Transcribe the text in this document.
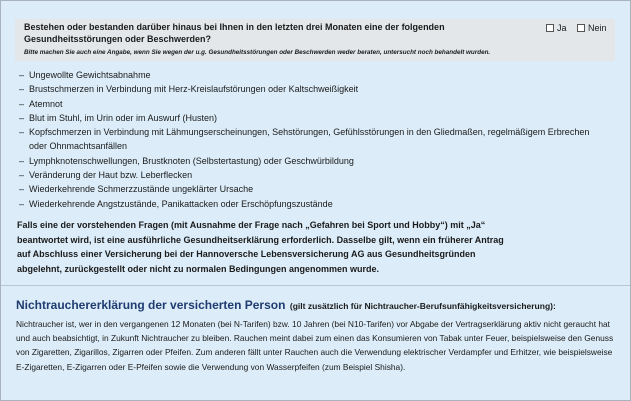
Bestehen oder bestanden darüber hinaus bei Ihnen in den letzten drei Monaten eine der folgenden Gesundheitsstörungen oder Beschwerden?
Bitte machen Sie auch eine Angabe, wenn Sie wegen der u.g. Gesundheitsstörungen oder Beschwerden weder beraten, untersucht noch behandelt wurden.
Ja Nein
– Ungewollte Gewichtsabnahme
– Brustschmerzen in Verbindung mit Herz-Kreislaufstörungen oder Kaltschweißigkeit
– Atemnot
– Blut im Stuhl, im Urin oder im Auswurf (Husten)
– Kopfschmerzen in Verbindung mit Lähmungserscheinungen, Sehstörungen, Gefühlsstörungen in den Gliedmaßen, regelmäßigem Erbrechen oder Ohnmachtsanfällen
– Lymphknotenschwellungen, Brustknoten (Selbstertastung) oder Geschwürbildung
– Veränderung der Haut bzw. Leberflecken
– Wiederkehrende Schmerzzustände ungeklärter Ursache
– Wiederkehrende Angstzustände, Panikattacken oder Erschöpfungszustände
Falls eine der vorstehenden Fragen (mit Ausnahme der Frage nach „Gefahren bei Sport und Hobby“) mit „Ja“ beantwortet wird, ist eine ausführliche Gesundheitserklärung erforderlich. Dasselbe gilt, wenn ein früherer Antrag auf Abschluss einer Versicherung bei der Hannoversche Lebensversicherung AG aus Gesundheitsgründen abgelehnt, zurückgestellt oder nicht zu normalen Bedingungen angenommen wurde.
Nichtrauchererklärung der versicherten Person (gilt zusätzlich für Nichtraucher-Berufsunfähigkeitsversicherung):
Nichtraucher ist, wer in den vergangenen 12 Monaten (bei N-Tarifen) bzw. 10 Jahren (bei N10-Tarifen) vor Abgabe der Vertragserklärung aktiv nicht geraucht hat und auch beabsichtigt, in Zukunft Nichtraucher zu bleiben. Rauchen meint dabei zum einen das Konsumieren von Tabak unter Feuer, beispielsweise den Genuss von Zigaretten, Zigarillos, Zigarren oder Pfeifen. Zum anderen fällt unter Rauchen auch die Verwendung elektrischer Verdampfer und Erhitzer, wie beispielsweise E-Zigaretten, E-Zigarren oder E-Pfeifen sowie die Verwendung von Wasserpfeifen (zum Beispiel Shisha).
